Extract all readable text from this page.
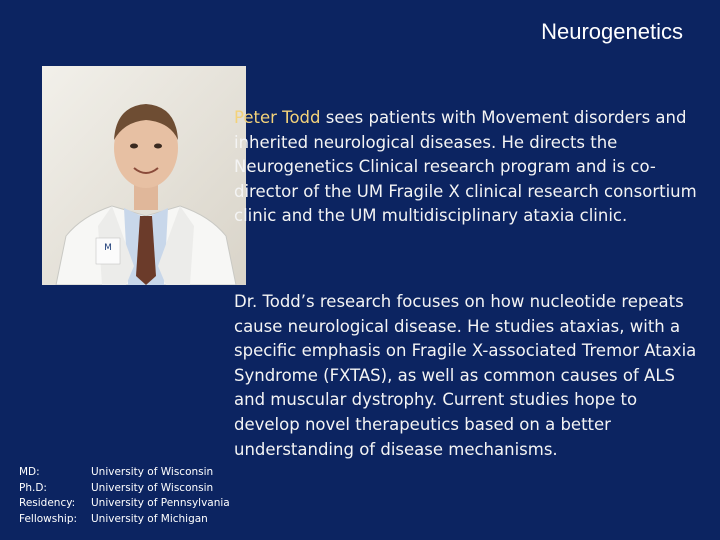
Neurogenetics
M
Peter Todd sees patients with Movement disorders and inherited neurological diseases. He directs the Neurogenetics Clinical research program and is co-director of the UM Fragile X clinical research consortium clinic and the UM multidisciplinary ataxia clinic.
Dr. Todd’s research focuses on how nucleotide repeats cause neurological disease. He studies ataxias, with a specific emphasis on Fragile X-associated Tremor Ataxia Syndrome (FXTAS), as well as common causes of ALS and muscular dystrophy. Current studies hope to develop novel therapeutics based on a better understanding of disease mechanisms.
MD:
Ph.D:
Residency:
Fellowship:
University of Wisconsin
University of Wisconsin
University of Pennsylvania
University of Michigan
